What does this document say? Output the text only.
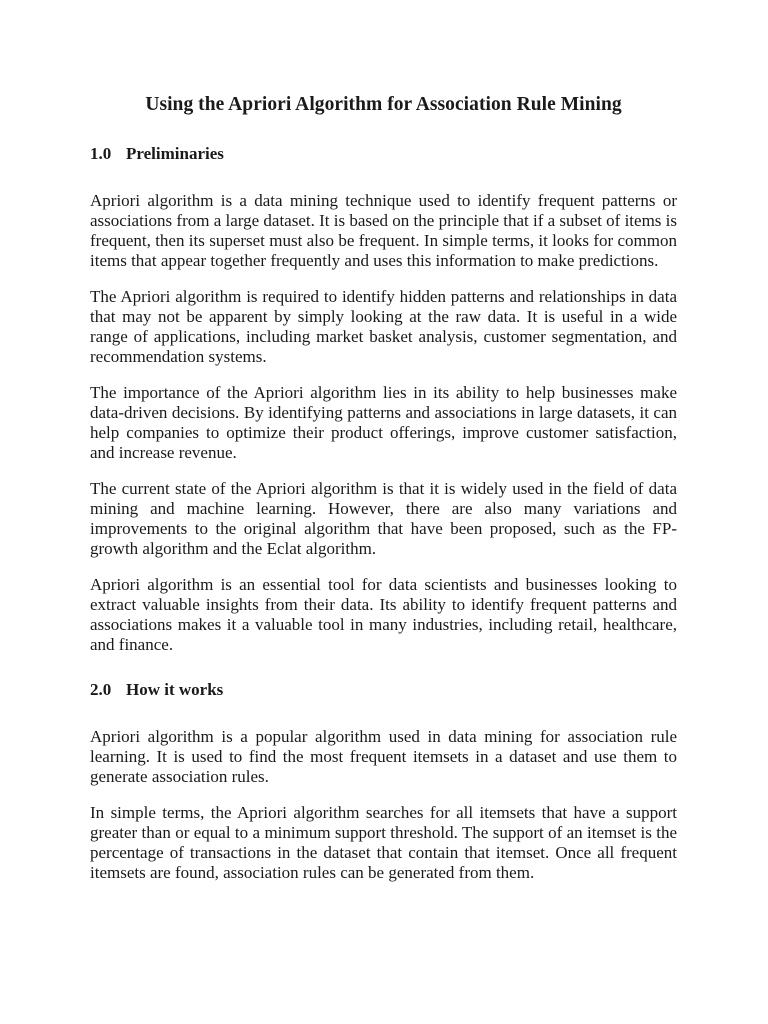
Using the Apriori Algorithm for Association Rule Mining
1.0 Preliminaries

Apriori algorithm is a data mining technique used to identify frequent patterns or associations from a large dataset. It is based on the principle that if a subset of items is frequent, then its superset must also be frequent. In simple terms, it looks for common items that appear together frequently and uses this information to make predictions.

The Apriori algorithm is required to identify hidden patterns and relationships in data that may not be apparent by simply looking at the raw data. It is useful in a wide range of applications, including market basket analysis, customer segmentation, and recommendation systems.

The importance of the Apriori algorithm lies in its ability to help businesses make data-driven decisions. By identifying patterns and associations in large datasets, it can help companies to optimize their product offerings, improve customer satisfaction, and increase revenue.

The current state of the Apriori algorithm is that it is widely used in the field of data mining and machine learning. However, there are also many variations and improvements to the original algorithm that have been proposed, such as the FP-growth algorithm and the Eclat algorithm.

Apriori algorithm is an essential tool for data scientists and businesses looking to extract valuable insights from their data. Its ability to identify frequent patterns and associations makes it a valuable tool in many industries, including retail, healthcare, and finance.

2.0 How it works

Apriori algorithm is a popular algorithm used in data mining for association rule learning. It is used to find the most frequent itemsets in a dataset and use them to generate association rules.

In simple terms, the Apriori algorithm searches for all itemsets that have a support greater than or equal to a minimum support threshold. The support of an itemset is the percentage of transactions in the dataset that contain that itemset. Once all frequent itemsets are found, association rules can be generated from them.
